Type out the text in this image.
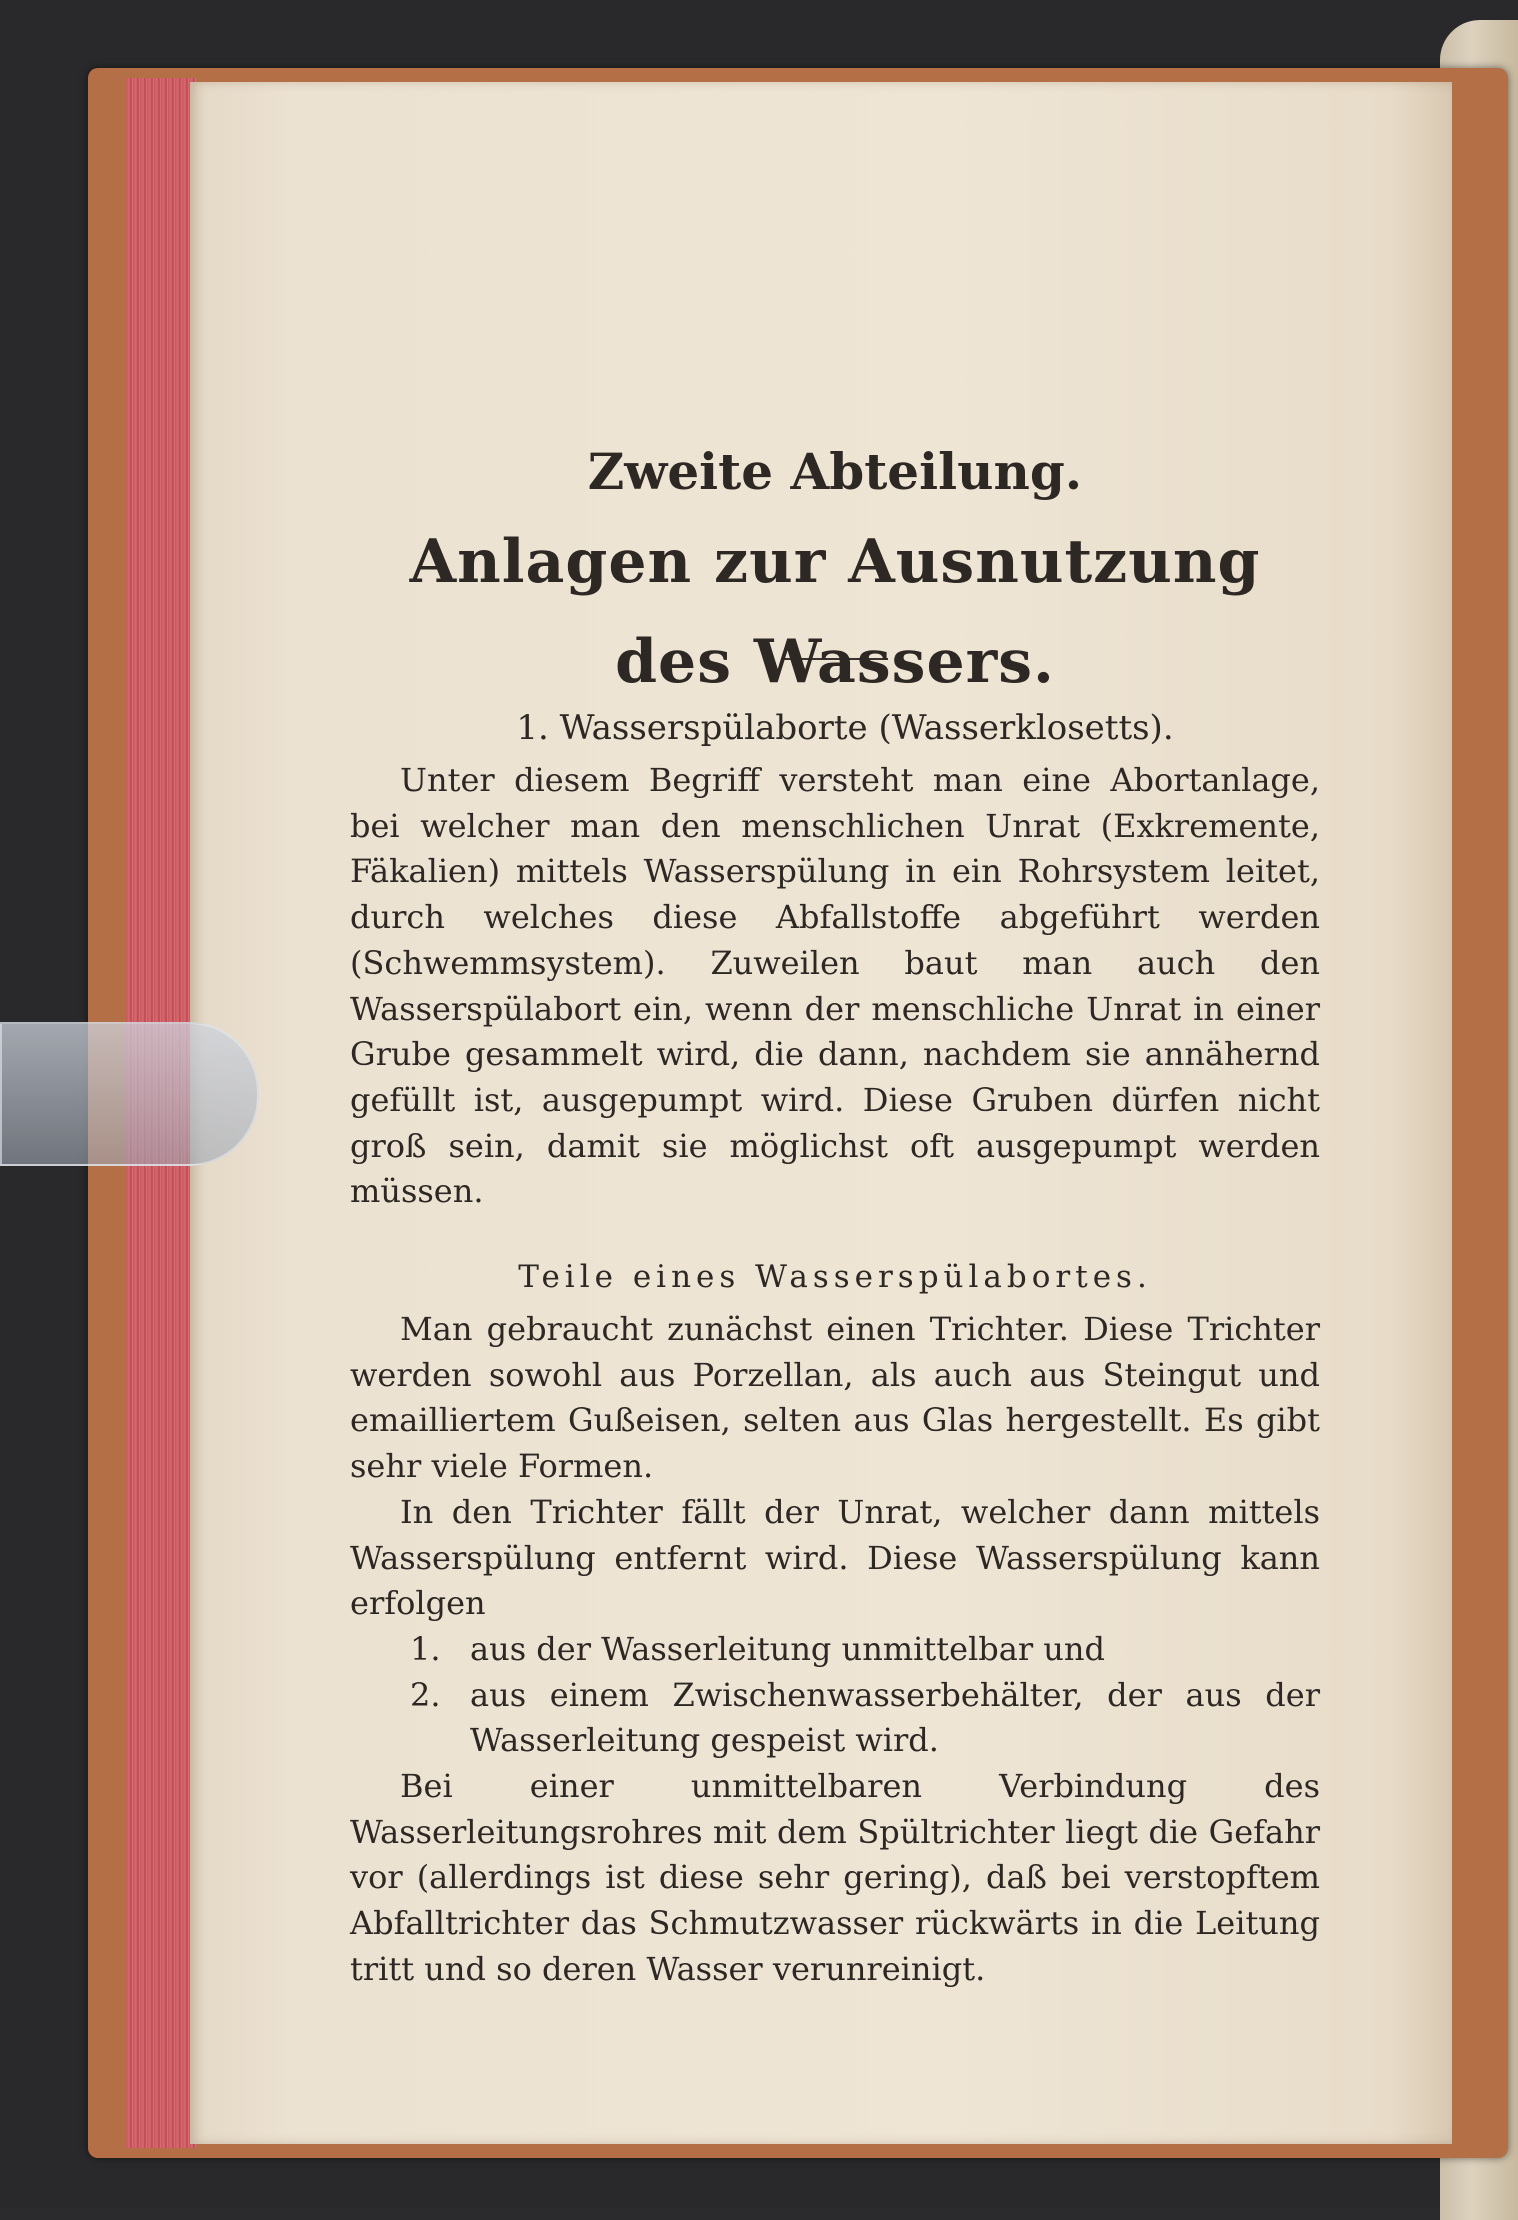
Zweite Abteilung.
Anlagen zur Ausnutzung des Wassers.
1. Wasserspülaborte (Wasserklosetts).

Unter diesem Begriff versteht man eine Abortanlage, bei welcher man den menschlichen Unrat (Exkremente, Fäkalien) mittels Wasserspülung in ein Rohrsystem leitet, durch welches diese Abfallstoffe abgeführt werden (Schwemmsystem). Zuweilen baut man auch den Wasserspülabort ein, wenn der menschliche Unrat in einer Grube gesammelt wird, die dann, nachdem sie annähernd gefüllt ist, ausgepumpt wird. Diese Gruben dürfen nicht groß sein, damit sie möglichst oft ausgepumpt werden müssen.

Teile eines Wasserspülabortes.

Man gebraucht zunächst einen Trichter. Diese Trichter werden sowohl aus Porzellan, als auch aus Steingut und emailliertem Gußeisen, selten aus Glas hergestellt. Es gibt sehr viele Formen.

In den Trichter fällt der Unrat, welcher dann mittels Wasserspülung entfernt wird. Diese Wasserspülung kann erfolgen

1. aus der Wasserleitung unmittelbar und

2. aus einem Zwischenwasserbehälter, der aus der Wasserleitung gespeist wird.

Bei einer unmittelbaren Verbindung des Wasserleitungsrohres mit dem Spültrichter liegt die Gefahr vor (allerdings ist diese sehr gering), daß bei verstopftem Abfalltrichter das Schmutzwasser rückwärts in die Leitung tritt und so deren Wasser verunreinigt.
